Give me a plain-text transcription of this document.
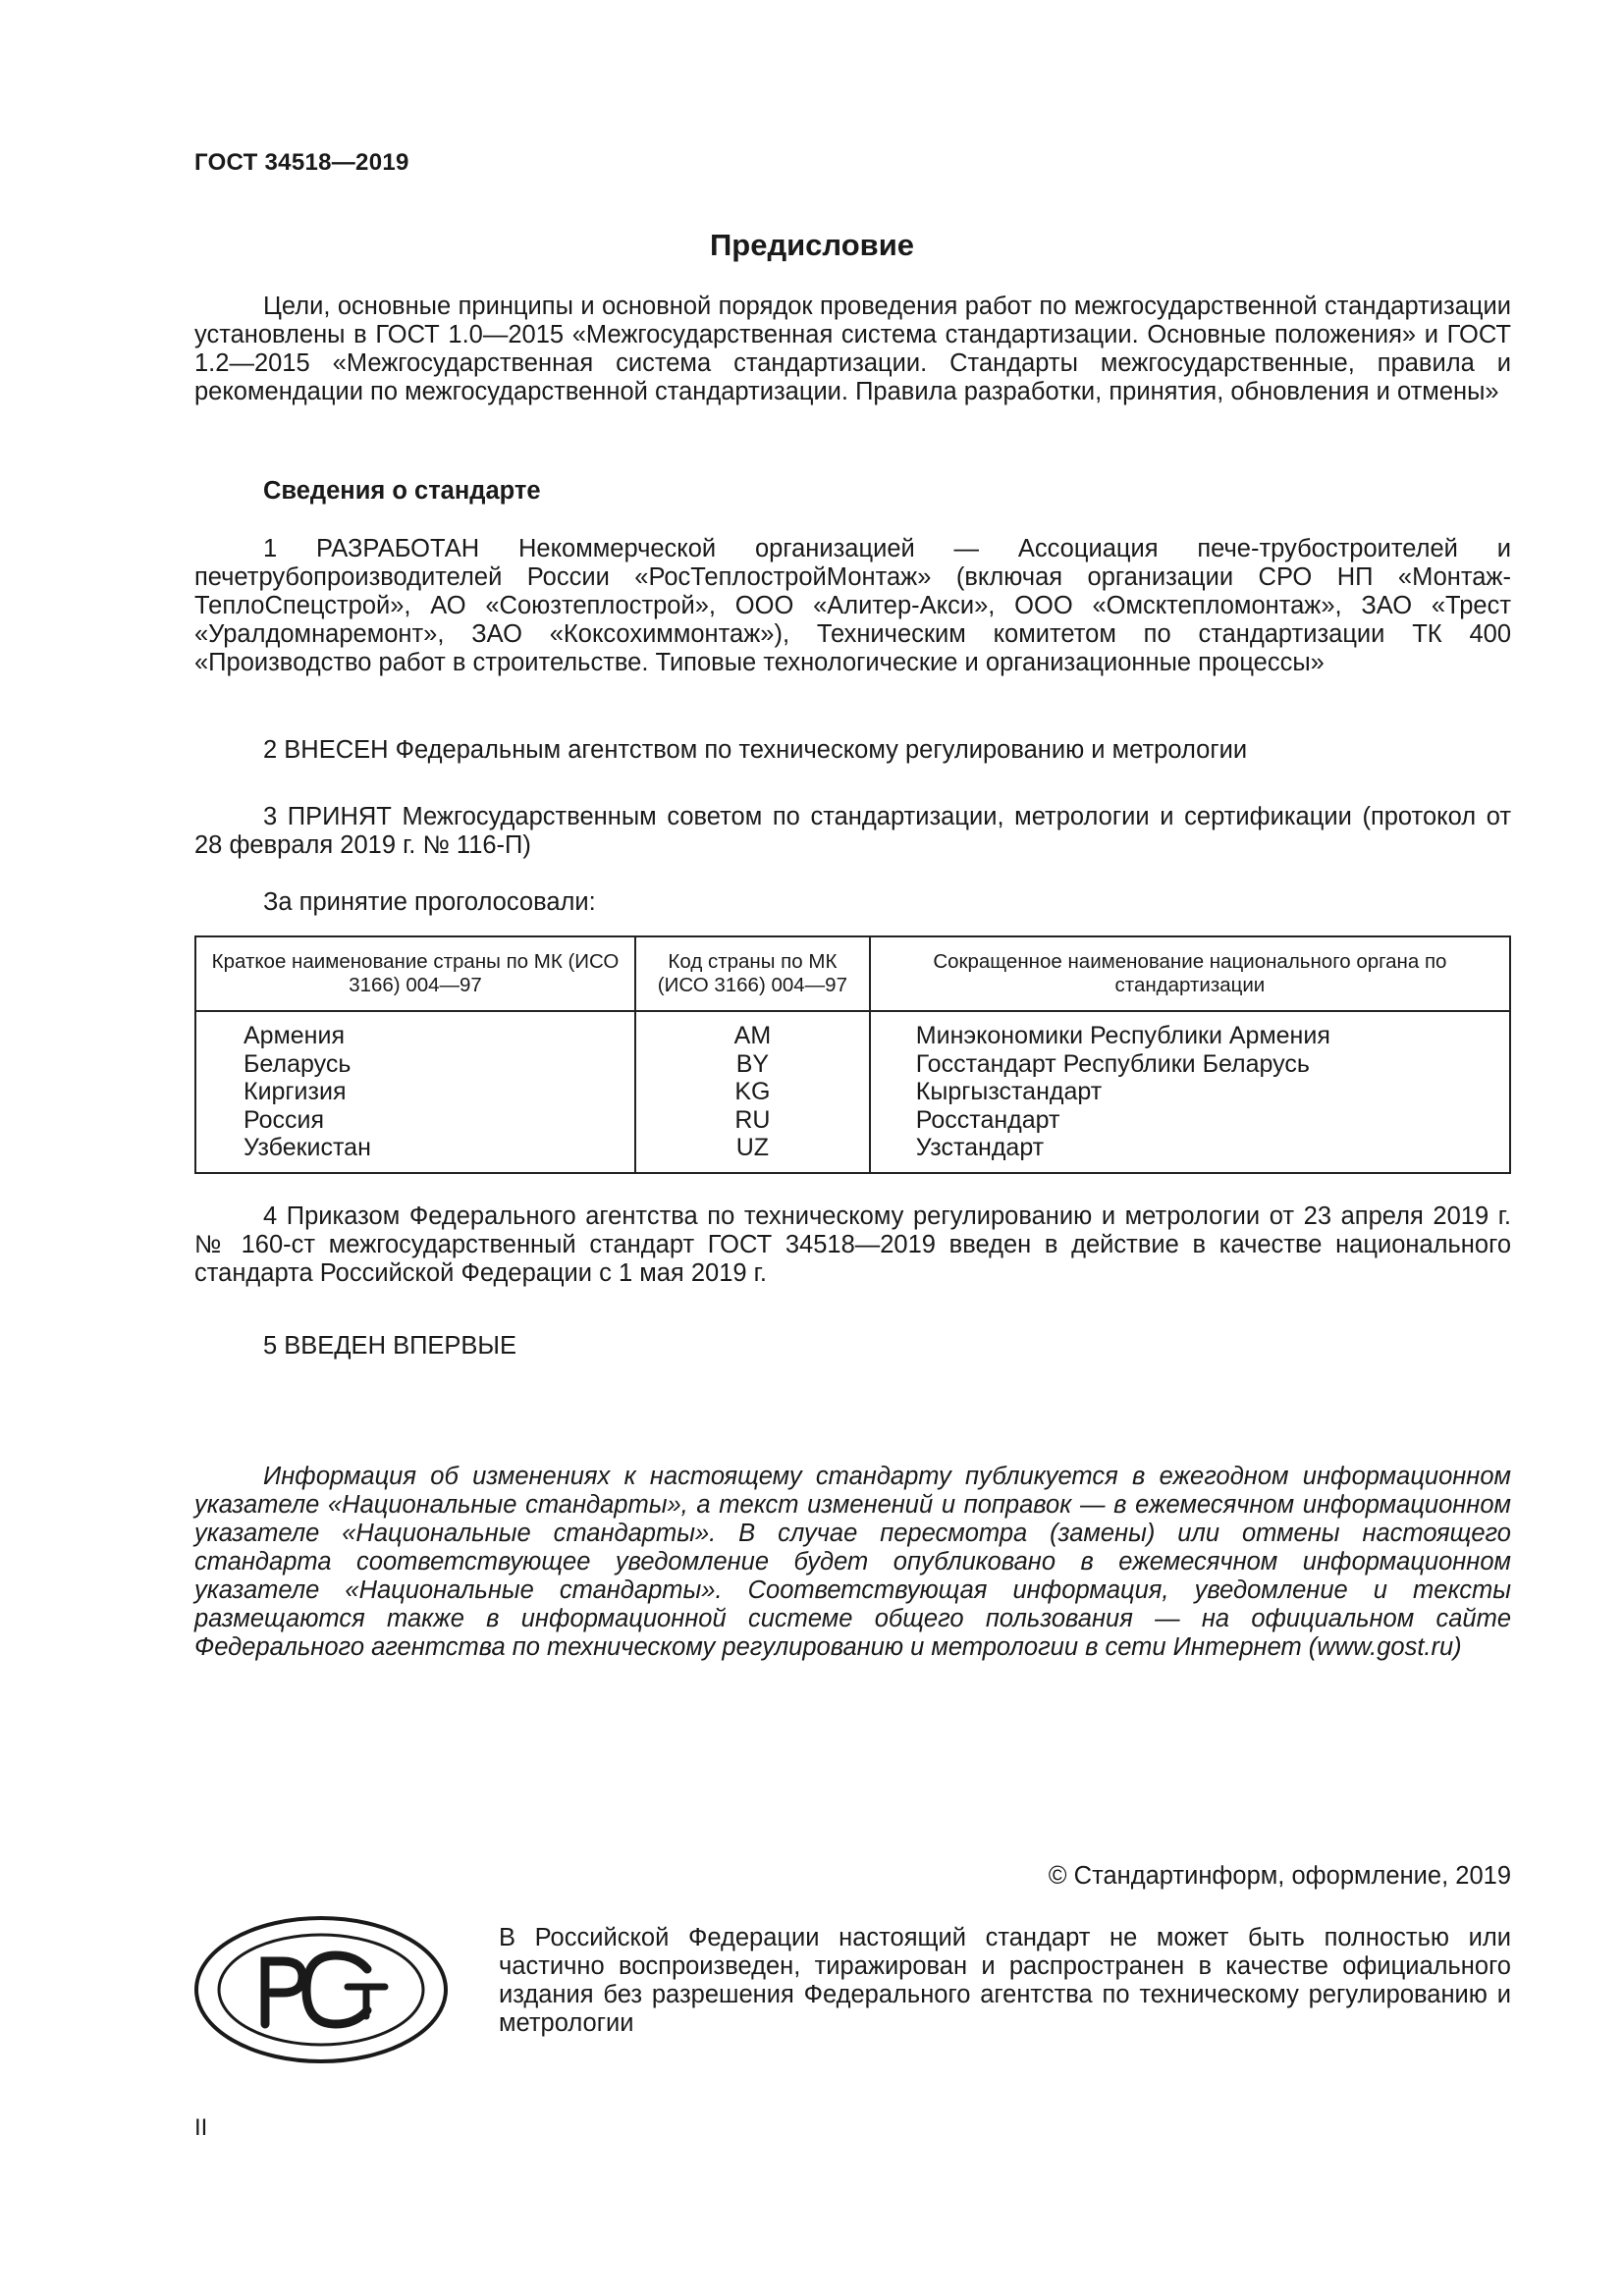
ГОСТ 34518—2019
Предисловие
Цели, основные принципы и основной порядок проведения работ по межгосударственной стандартизации установлены в ГОСТ 1.0—2015 «Межгосударственная система стандартизации. Основные положения» и ГОСТ 1.2—2015 «Межгосударственная система стандартизации. Стандарты межгосударственные, правила и рекомендации по межгосударственной стандартизации. Правила разработки, принятия, обновления и отмены»
Сведения о стандарте
1 РАЗРАБОТАН Некоммерческой организацией — Ассоциация пече-трубостроителей и печетрубопроизводителей России «РосТеплостройМонтаж» (включая организации СРО НП «МонтажТеплоСпецстрой», АО «Союзтеплострой», ООО «Алитер-Акси», ООО «Омсктепломонтаж», ЗАО «Трест «Уралдомнаремонт», ЗАО «Коксохиммонтаж»), Техническим комитетом по стандартизации ТК 400 «Производство работ в строительстве. Типовые технологические и организационные процессы»
2 ВНЕСЕН Федеральным агентством по техническому регулированию и метрологии
3 ПРИНЯТ Межгосударственным советом по стандартизации, метрологии и сертификации (протокол от 28 февраля 2019 г. № 116-П)
За принятие проголосовали:
Краткое наименование страны по МК (ИСО 3166) 004—97	Код страны по МК (ИСО 3166) 004—97	Сокращенное наименование национального органа по стандартизации
Армения	AM	Минэкономики Республики Армения
Беларусь	BY	Госстандарт Республики Беларусь
Киргизия	KG	Кыргызстандарт
Россия	RU	Росстандарт
Узбекистан	UZ	Узстандарт
4 Приказом Федерального агентства по техническому регулированию и метрологии от 23 апреля 2019 г. № 160-ст межгосударственный стандарт ГОСТ 34518—2019 введен в действие в качестве национального стандарта Российской Федерации с 1 мая 2019 г.
5 ВВЕДЕН ВПЕРВЫЕ
Информация об изменениях к настоящему стандарту публикуется в ежегодном информационном указателе «Национальные стандарты», а текст изменений и поправок — в ежемесячном информационном указателе «Национальные стандарты». В случае пересмотра (замены) или отмены настоящего стандарта соответствующее уведомление будет опубликовано в ежемесячном информационном указателе «Национальные стандарты». Соответствующая информация, уведомление и тексты размещаются также в информационной системе общего пользования — на официальном сайте Федерального агентства по техническому регулированию и метрологии в сети Интернет (www.gost.ru)
© Стандартинформ, оформление, 2019
В Российской Федерации настоящий стандарт не может быть полностью или частично воспроизведен, тиражирован и распространен в качестве официального издания без разрешения Федерального агентства по техническому регулированию и метрологии
II
